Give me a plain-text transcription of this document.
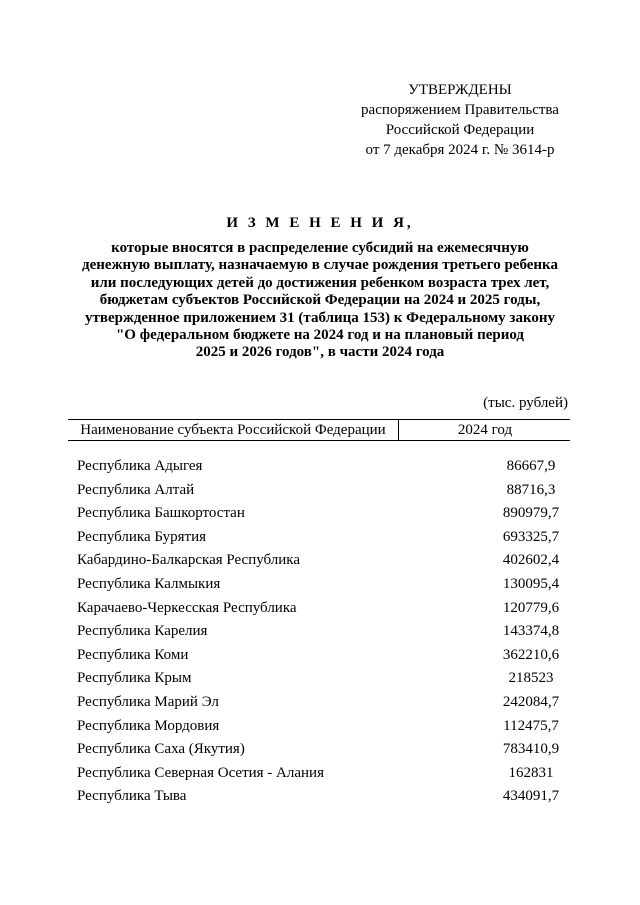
УТВЕРЖДЕНЫ
распоряжением Правительства
Российской Федерации
от 7 декабря 2024 г. № 3614-р
И З М Е Н Е Н И Я,
которые вносятся в распределение субсидий на ежемесячную
денежную выплату, назначаемую в случае рождения третьего ребенка
или последующих детей до достижения ребенком возраста трех лет,
бюджетам субъектов Российской Федерации на 2024 и 2025 годы,
утвержденное приложением 31 (таблица 153) к Федеральному закону
"О федеральном бюджете на 2024 год и на плановый период
2025 и 2026 годов", в части 2024 года
(тыс. рублей)
Наименование субъекта Российской Федерации	2024 год
Республика Адыгея	86667,9
Республика Алтай	88716,3
Республика Башкортостан	890979,7
Республика Бурятия	693325,7
Кабардино-Балкарская Республика	402602,4
Республика Калмыкия	130095,4
Карачаево-Черкесская Республика	120779,6
Республика Карелия	143374,8
Республика Коми	362210,6
Республика Крым	218523
Республика Марий Эл	242084,7
Республика Мордовия	112475,7
Республика Саха (Якутия)	783410,9
Республика Северная Осетия - Алания	162831
Республика Тыва	434091,7
